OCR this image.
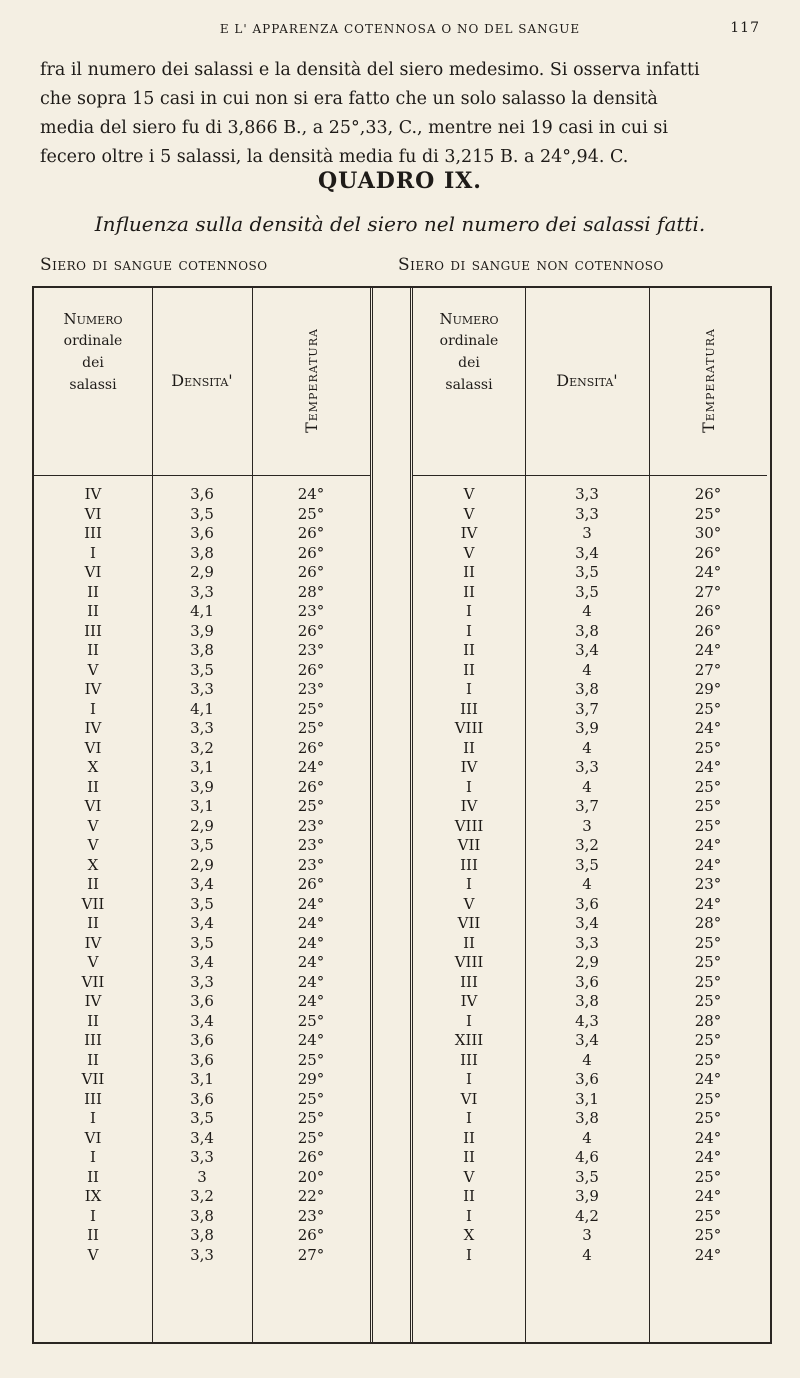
E L' APPARENZA COTENNOSA O NO DEL SANGUE	117

fra il numero dei salassi e la densità del siero medesimo. Si osserva infatti

che sopra 15 casi in cui non si era fatto che un solo salasso la densità

media del siero fu di 3,866 B., a 25°,33, C., mentre nei 19 casi in cui si

fecero oltre i 5 salassi, la densità media fu di 3,215 B. a 24°,94. C.

QUADRO IX.
Influenza sulla densità del siero nel numero dei salassi fatti.
Siero di sangue cotennoso	Siero di sangue non cotennoso
Numero
ordinale
dei
salassi	Densita'	Temperatura
IV	3,6	24°
VI	3,5	25°
III	3,6	26°
I	3,8	26°
VI	2,9	26°
II	3,3	28°
II	4,1	23°
III	3,9	26°
II	3,8	23°
V	3,5	26°
IV	3,3	23°
I	4,1	25°
IV	3,3	25°
VI	3,2	26°
X	3,1	24°
II	3,9	26°
VI	3,1	25°
V	2,9	23°
V	3,5	23°
X	2,9	23°
II	3,4	26°
VII	3,5	24°
II	3,4	24°
IV	3,5	24°
V	3,4	24°
VII	3,3	24°
IV	3,6	24°
II	3,4	25°
III	3,6	24°
II	3,6	25°
VII	3,1	29°
III	3,6	25°
I	3,5	25°
VI	3,4	25°
I	3,3	26°
II	3	20°
IX	3,2	22°
I	3,8	23°
II	3,8	26°
V	3,3	27°
Numero
ordinale
dei
salassi	Densita'	Temperatura
V	3,3	26°
V	3,3	25°
IV	3	30°
V	3,4	26°
II	3,5	24°
II	3,5	27°
I	4	26°
I	3,8	26°
II	3,4	24°
II	4	27°
I	3,8	29°
III	3,7	25°
VIII	3,9	24°
II	4	25°
IV	3,3	24°
I	4	25°
IV	3,7	25°
VIII	3	25°
VII	3,2	24°
III	3,5	24°
I	4	23°
V	3,6	24°
VII	3,4	28°
II	3,3	25°
VIII	2,9	25°
III	3,6	25°
IV	3,8	25°
I	4,3	28°
XIII	3,4	25°
III	4	25°
I	3,6	24°
VI	3,1	25°
I	3,8	25°
II	4	24°
II	4,6	24°
V	3,5	25°
II	3,9	24°
I	4,2	25°
X	3	25°
I	4	24°
